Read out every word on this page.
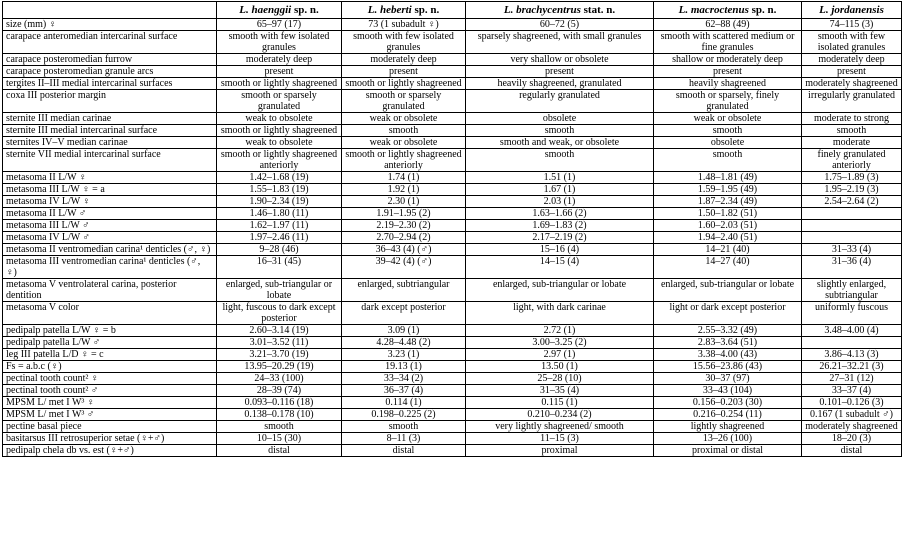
	L. haenggii sp. n.	L. heberti sp. n.	L. brachycentrus stat. n.	L. macroctenus sp. n.	L. jordanensis
size (mm) ♀	65–97 (17)	73 (1 subadult ♀)	60–72 (5)	62–88 (49)	74–115 (3)
carapace anteromedian intercarinal surface	smooth with few isolated granules	smooth with few isolated granules	sparsely shagreened, with small granules	smooth with scattered medium or fine granules	smooth with few isolated granules
carapace posteromedian furrow	moderately deep	moderately deep	very shallow or obsolete	shallow or moderately deep	moderately deep
carapace posteromedian granule arcs	present	present	present	present	present
tergites II–III medial intercarinal surfaces	smooth or lightly shagreened	smooth or lightly shagreened	heavily shagreened, granulated	heavily shagreened	moderately shagreened
coxa III posterior margin	smooth or sparsely granulated	smooth or sparsely granulated	regularly granulated	smooth or sparsely, finely granulated	irregularly granulated
sternite III median carinae	weak to obsolete	weak or obsolete	obsolete	weak or obsolete	moderate to strong
sternite III medial intercarinal surface	smooth or lightly shagreened	smooth	smooth	smooth	smooth
sternites IV–V median carinae	weak to obsolete	weak or obsolete	smooth and weak, or obsolete	obsolete	moderate
sternite VII medial intercarinal surface	smooth or lightly shagreened anteriorly	smooth or lightly shagreened anteriorly	smooth	smooth	finely granulated anteriorly
metasoma II L/W ♀	1.42–1.68 (19)	1.74 (1)	1.51 (1)	1.48–1.81 (49)	1.75–1.89 (3)
metasoma III L/W ♀ = a	1.55–1.83 (19)	1.92 (1)	1.67 (1)	1.59–1.95 (49)	1.95–2.19 (3)
metasoma IV L/W ♀	1.90–2.34 (19)	2.30 (1)	2.03 (1)	1.87–2.34 (49)	2.54–2.64 (2)
metasoma II L/W ♂	1.46–1.80 (11)	1.91–1.95 (2)	1.63–1.66 (2)	1.50–1.82 (51)	
metasoma III L/W ♂	1.62–1.97 (11)	2.19–2.30 (2)	1.69–1.83 (2)	1.60–2.03 (51)	
metasoma IV L/W ♂	1.97–2.46 (11)	2.70–2.94 (2)	2.17–2.19 (2)	1.94–2.40 (51)	
metasoma II ventromedian carina¹ denticles (♂, ♀)	9–28 (46)	36–43 (4) (♂)	15–16 (4)	14–21 (40)	31–33 (4)
metasoma III ventromedian carina¹ denticles (♂, ♀)	16–31 (45)	39–42 (4) (♂)	14–15 (4)	14–27 (40)	31–36 (4)
metasoma V ventrolateral carina, posterior dentition	enlarged, sub-triangular or lobate	enlarged, subtriangular	enlarged, sub-triangular or lobate	enlarged, sub-triangular or lobate	slightly enlarged, subtriangular
metasoma V color	light, fuscous to dark except posterior	dark except posterior	light, with dark carinae	light or dark except posterior	uniformly fuscous
pedipalp patella L/W ♀ = b	2.60–3.14 (19)	3.09 (1)	2.72 (1)	2.55–3.32 (49)	3.48–4.00 (4)
pedipalp patella L/W ♂	3.01–3.52 (11)	4.28–4.48 (2)	3.00–3.25 (2)	2.83–3.64 (51)	
leg III patella L/D ♀ = c	3.21–3.70 (19)	3.23 (1)	2.97 (1)	3.38–4.00 (43)	3.86–4.13 (3)
Fs = a.b.c (♀)	13.95–20.29 (19)	19.13 (1)	13.50 (1)	15.56–23.86 (43)	26.21–32.21 (3)
pectinal tooth count² ♀	24–33 (100)	33–34 (2)	25–28 (10)	30–37 (97)	27–31 (12)
pectinal tooth count² ♂	28–39 (74)	36–37 (4)	31–35 (4)	33–43 (104)	33–37 (4)
MPSM L/ met I W³ ♀	0.093–0.116 (18)	0.114 (1)	0.115 (1)	0.156–0.203 (30)	0.101–0.126 (3)
MPSM L/ met I W³ ♂	0.138–0.178 (10)	0.198–0.225 (2)	0.210–0.234 (2)	0.216–0.254 (11)	0.167 (1 subadult ♂)
pectine basal piece	smooth	smooth	very lightly shagreened/ smooth	lightly shagreened	moderately shagreened
basitarsus III retrosuperior setae (♀+♂)	10–15 (30)	8–11 (3)	11–15 (3)	13–26 (100)	18–20 (3)
pedipalp chela db vs. est (♀+♂)	distal	distal	proximal	proximal or distal	distal
